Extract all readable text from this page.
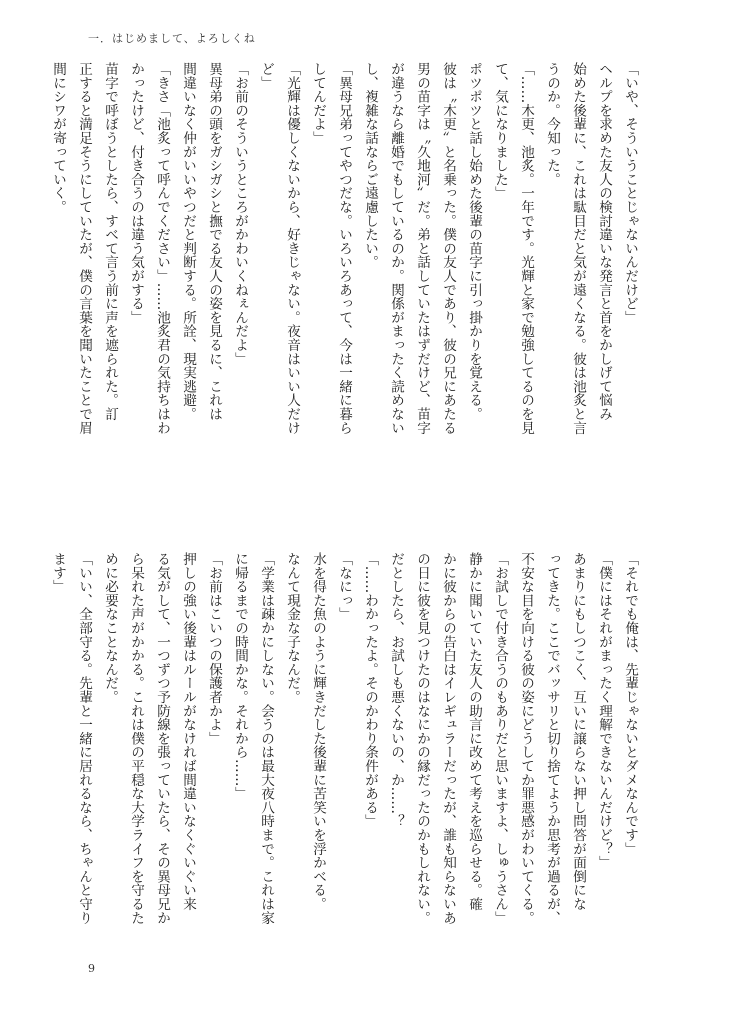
一．はじめまして、よろしくね
「いや、そういうことじゃないんだけど」
ヘルプを求めた友人の検討違いな発言と首をかしげて悩み
始めた後輩に、これは駄目だと気が遠くなる。彼は池炙と言
うのか。今知った。
「……木更、池炙。一年です。光輝と家で勉強してるのを見
て、気になりました」
ポツポツと話し始めた後輩の苗字に引っ掛かりを覚える。
彼は〝木更〟と名乗った。僕の友人であり、彼の兄にあたる
男の苗字は〝久地河〟だ。弟と話していたはずだけど、苗字
が違うなら離婚でもしているのか。関係がまったく読めない
し、複雑な話ならご遠慮したい。
「異母兄弟ってやつだな。いろいろあって、今は一緒に暮ら
してんだよ」
「光輝は優しくないから、好きじゃない。夜音はいい人だけ
ど」
「お前のそういうところがかわいくねぇんだよ」
異母弟の頭をガシガシと撫でる友人の姿を見るに、これは
間違いなく仲がいいやつだと判断する。所詮、現実逃避。
「きさ「池炙って呼んでください」……池炙君の気持ちはわ
かったけど、付き合うのは違う気がする」
苗字で呼ぼうとしたら、すべて言う前に声を遮られた。訂
正すると満足そうにしていたが、僕の言葉を聞いたことで眉
間にシワが寄っていく。
「それでも俺は、先輩じゃないとダメなんです」
「僕にはそれがまったく理解できないんだけど？」
あまりにもしつこく、互いに譲らない押し問答が面倒にな
ってきた。ここでバッサリと切り捨てようか思考が過るが、
不安な目を向ける彼の姿にどうしてか罪悪感がわいてくる。
「お試しで付き合うのもありだと思いますよ、しゅうさん」
静かに聞いていた友人の助言に改めて考えを巡らせる。確
かに彼からの告白はイレギュラーだったが、誰も知らないあ
の日に彼を見つけたのはなにかの縁だったのかもしれない。
だとしたら、お試しも悪くないの、か……？
「……わかったよ。そのかわり条件がある」
「なにっ」
水を得た魚のように輝きだした後輩に苦笑いを浮かべる。
なんて現金な子なんだ。
「学業は疎かにしない。会うのは最大夜八時まで。これは家
に帰るまでの時間かな。それから……」
「お前はこいつの保護者かよ」
押しの強い後輩はルールがなければ間違いなくぐいぐい来
る気がして、一つずつ予防線を張っていたら、その異母兄か
ら呆れた声がかかる。これは僕の平穏な大学ライフを守るた
めに必要なことなんだ。
「いい、全部守る。先輩と一緒に居れるなら、ちゃんと守り
ます」
9
